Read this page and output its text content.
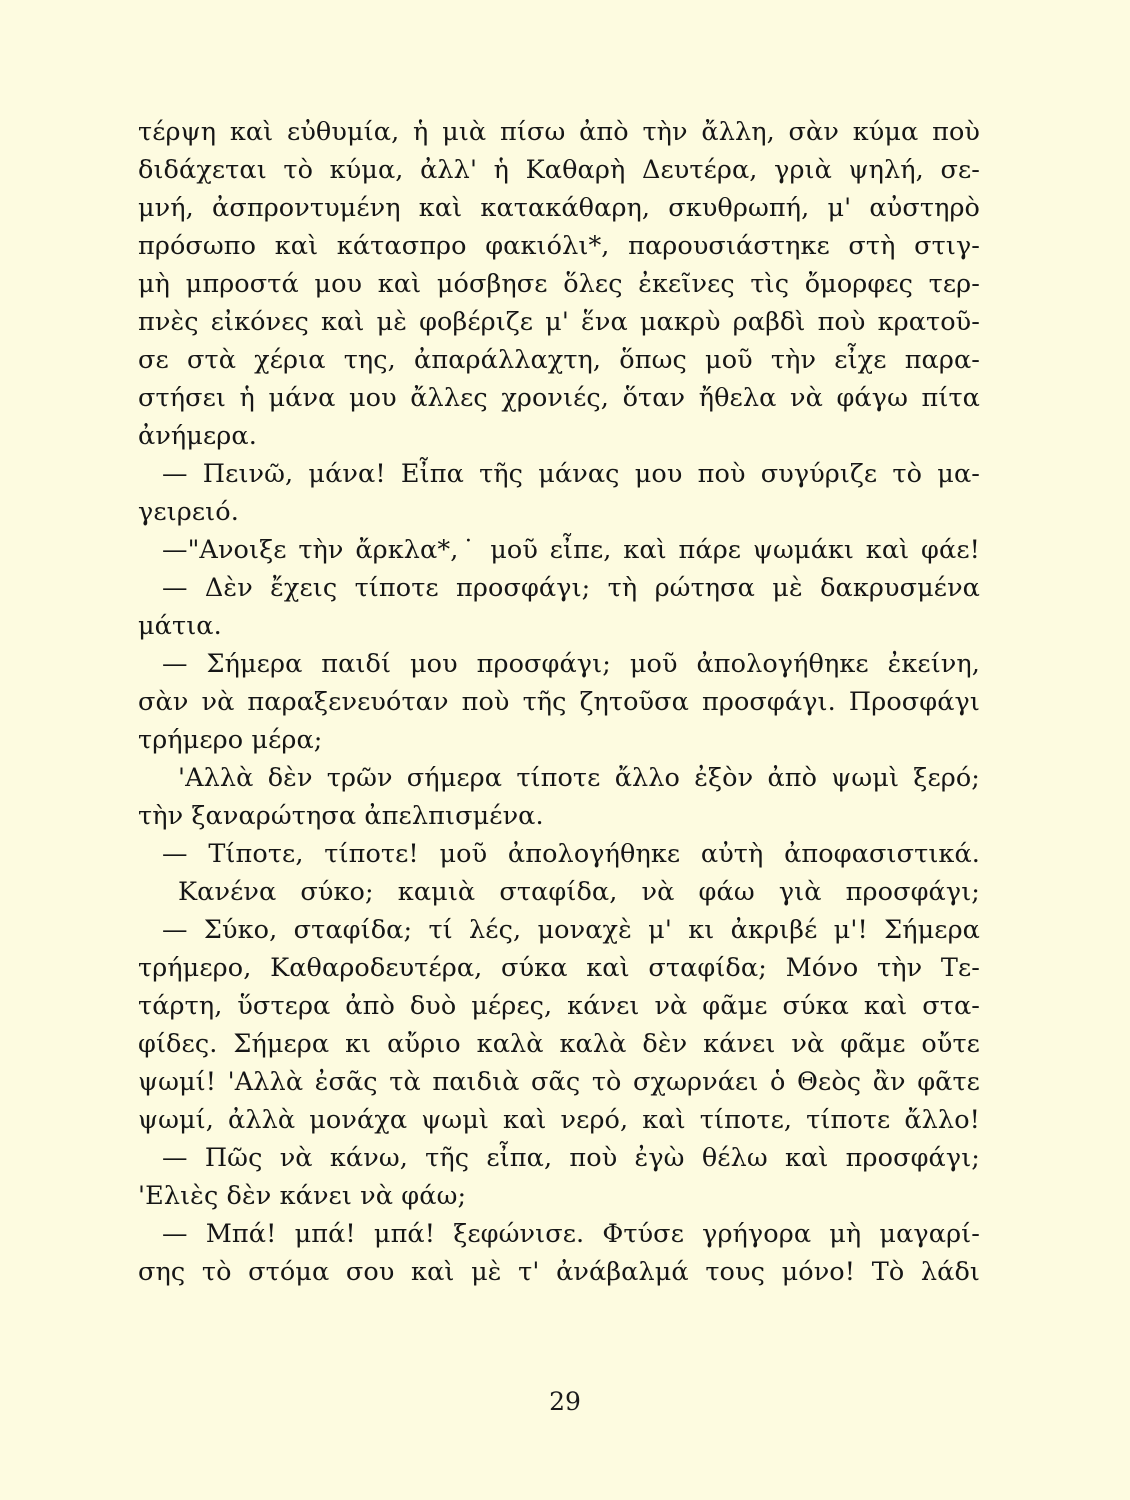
τέρψη καὶ εὐθυμία, ἡ μιὰ πίσω ἀπὸ τὴν ἄλλη, σὰν κύμα ποὺ
διδάχεται τὸ κύμα, ἀλλ' ἡ Καθαρὴ Δευτέρα, γριὰ ψηλή, σε-
μνή, ἀσπροντυμένη καὶ κατακάθαρη, σκυθρωπή, μ' αὐστηρὸ
πρόσωπο καὶ κάτασπρο φακιόλι*, παρουσιάστηκε στὴ στιγ-
μὴ μπροστά μου καὶ μόσβησε ὅλες ἐκεῖνες τὶς ὄμορφες τερ-
πνὲς εἰκόνες καὶ μὲ φοβέριζε μ' ἕνα μακρὺ ραβδὶ ποὺ κρατοῦ-
σε στὰ χέρια της, ἀπαράλλαχτη, ὅπως μοῦ τὴν εἶχε παρα-
στήσει ἡ μάνα μου ἄλλες χρονιές, ὅταν ἤθελα νὰ φάγω πίτα
ἀνήμερα.
— Πεινῶ, μάνα! Εἶπα τῆς μάνας μου ποὺ συγύριζε τὸ μα-
γειρειό.
—"Ανοιξε τὴν ἄρκλα*,˙ μοῦ εἶπε, καὶ πάρε ψωμάκι καὶ φάε!
— Δὲν ἔχεις τίποτε προσφάγι; τὴ ρώτησα μὲ δακρυσμένα
μάτια.
— Σήμερα παιδί μου προσφάγι; μοῦ ἀπολογήθηκε ἐκείνη,
σὰν νὰ παραξενευόταν ποὺ τῆς ζητοῦσα προσφάγι. Προσφάγι
τρήμερο μέρα;
'Αλλὰ δὲν τρῶν σήμερα τίποτε ἄλλο ἐξὸν ἀπὸ ψωμὶ ξερό;
τὴν ξαναρώτησα ἀπελπισμένα.
— Τίποτε, τίποτε! μοῦ ἀπολογήθηκε αὐτὴ ἀποφασιστικά.
Κανένα σύκο; καμιὰ σταφίδα, νὰ φάω γιὰ προσφάγι;
— Σύκο, σταφίδα; τί λές, μοναχὲ μ' κι ἀκριβέ μ'! Σήμερα
τρήμερο, Καθαροδευτέρα, σύκα καὶ σταφίδα; Μόνο τὴν Τε-
τάρτη, ὕστερα ἀπὸ δυὸ μέρες, κάνει νὰ φᾶμε σύκα καὶ στα-
φίδες. Σήμερα κι αὔριο καλὰ καλὰ δὲν κάνει νὰ φᾶμε οὔτε
ψωμί! 'Αλλὰ ἐσᾶς τὰ παιδιὰ σᾶς τὸ σχωρνάει ὁ Θεὸς ἂν φᾶτε
ψωμί, ἀλλὰ μονάχα ψωμὶ καὶ νερό, καὶ τίποτε, τίποτε ἄλλο!
— Πῶς νὰ κάνω, τῆς εἶπα, ποὺ ἐγὼ θέλω καὶ προσφάγι;
'Ελιὲς δὲν κάνει νὰ φάω;
— Μπά! μπά! μπά! ξεφώνισε. Φτύσε γρήγορα μὴ μαγαρί-
σης τὸ στόμα σου καὶ μὲ τ' ἀνάβαλμά τους μόνο! Τὸ λάδι
29
